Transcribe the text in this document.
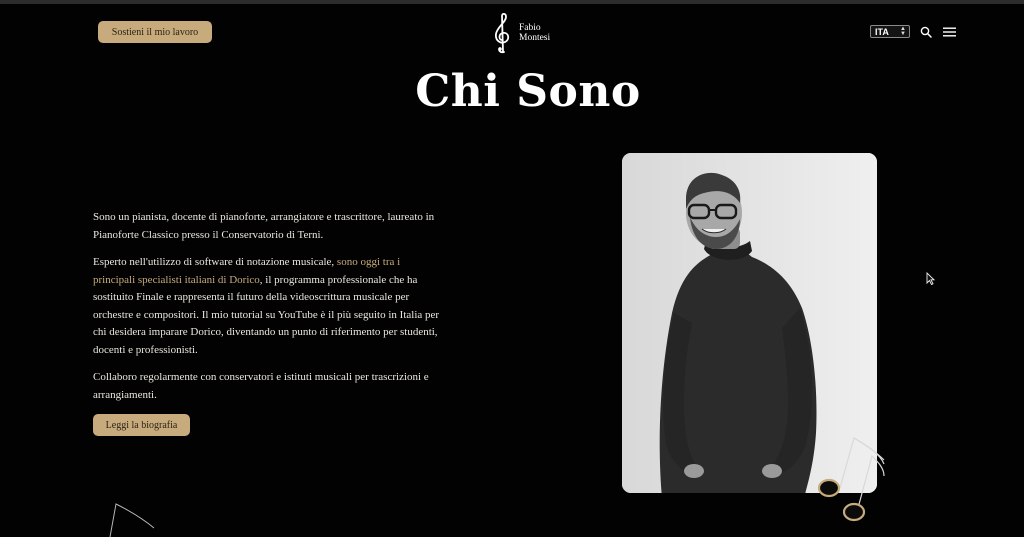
Sostieni il mio lavoro	Fabio
Montesi
ITA ▲
▼
Chi Sono

Sono un pianista, docente di pianoforte, arrangiatore e trascrittore, laureato in Pianoforte Classico presso il Conservatorio di Terni.

Esperto nell'utilizzo di software di notazione musicale, sono oggi tra i principali specialisti italiani di Dorico, il programma professionale che ha sostituito Finale e rappresenta il futuro della videoscrittura musicale per orchestre e compositori. Il mio tutorial su YouTube è il più seguito in Italia per chi desidera imparare Dorico, diventando un punto di riferimento per studenti, docenti e professionisti.

Collaboro regolarmente con conservatori e istituti musicali per trascrizioni e arrangiamenti.

Leggi la biografia
